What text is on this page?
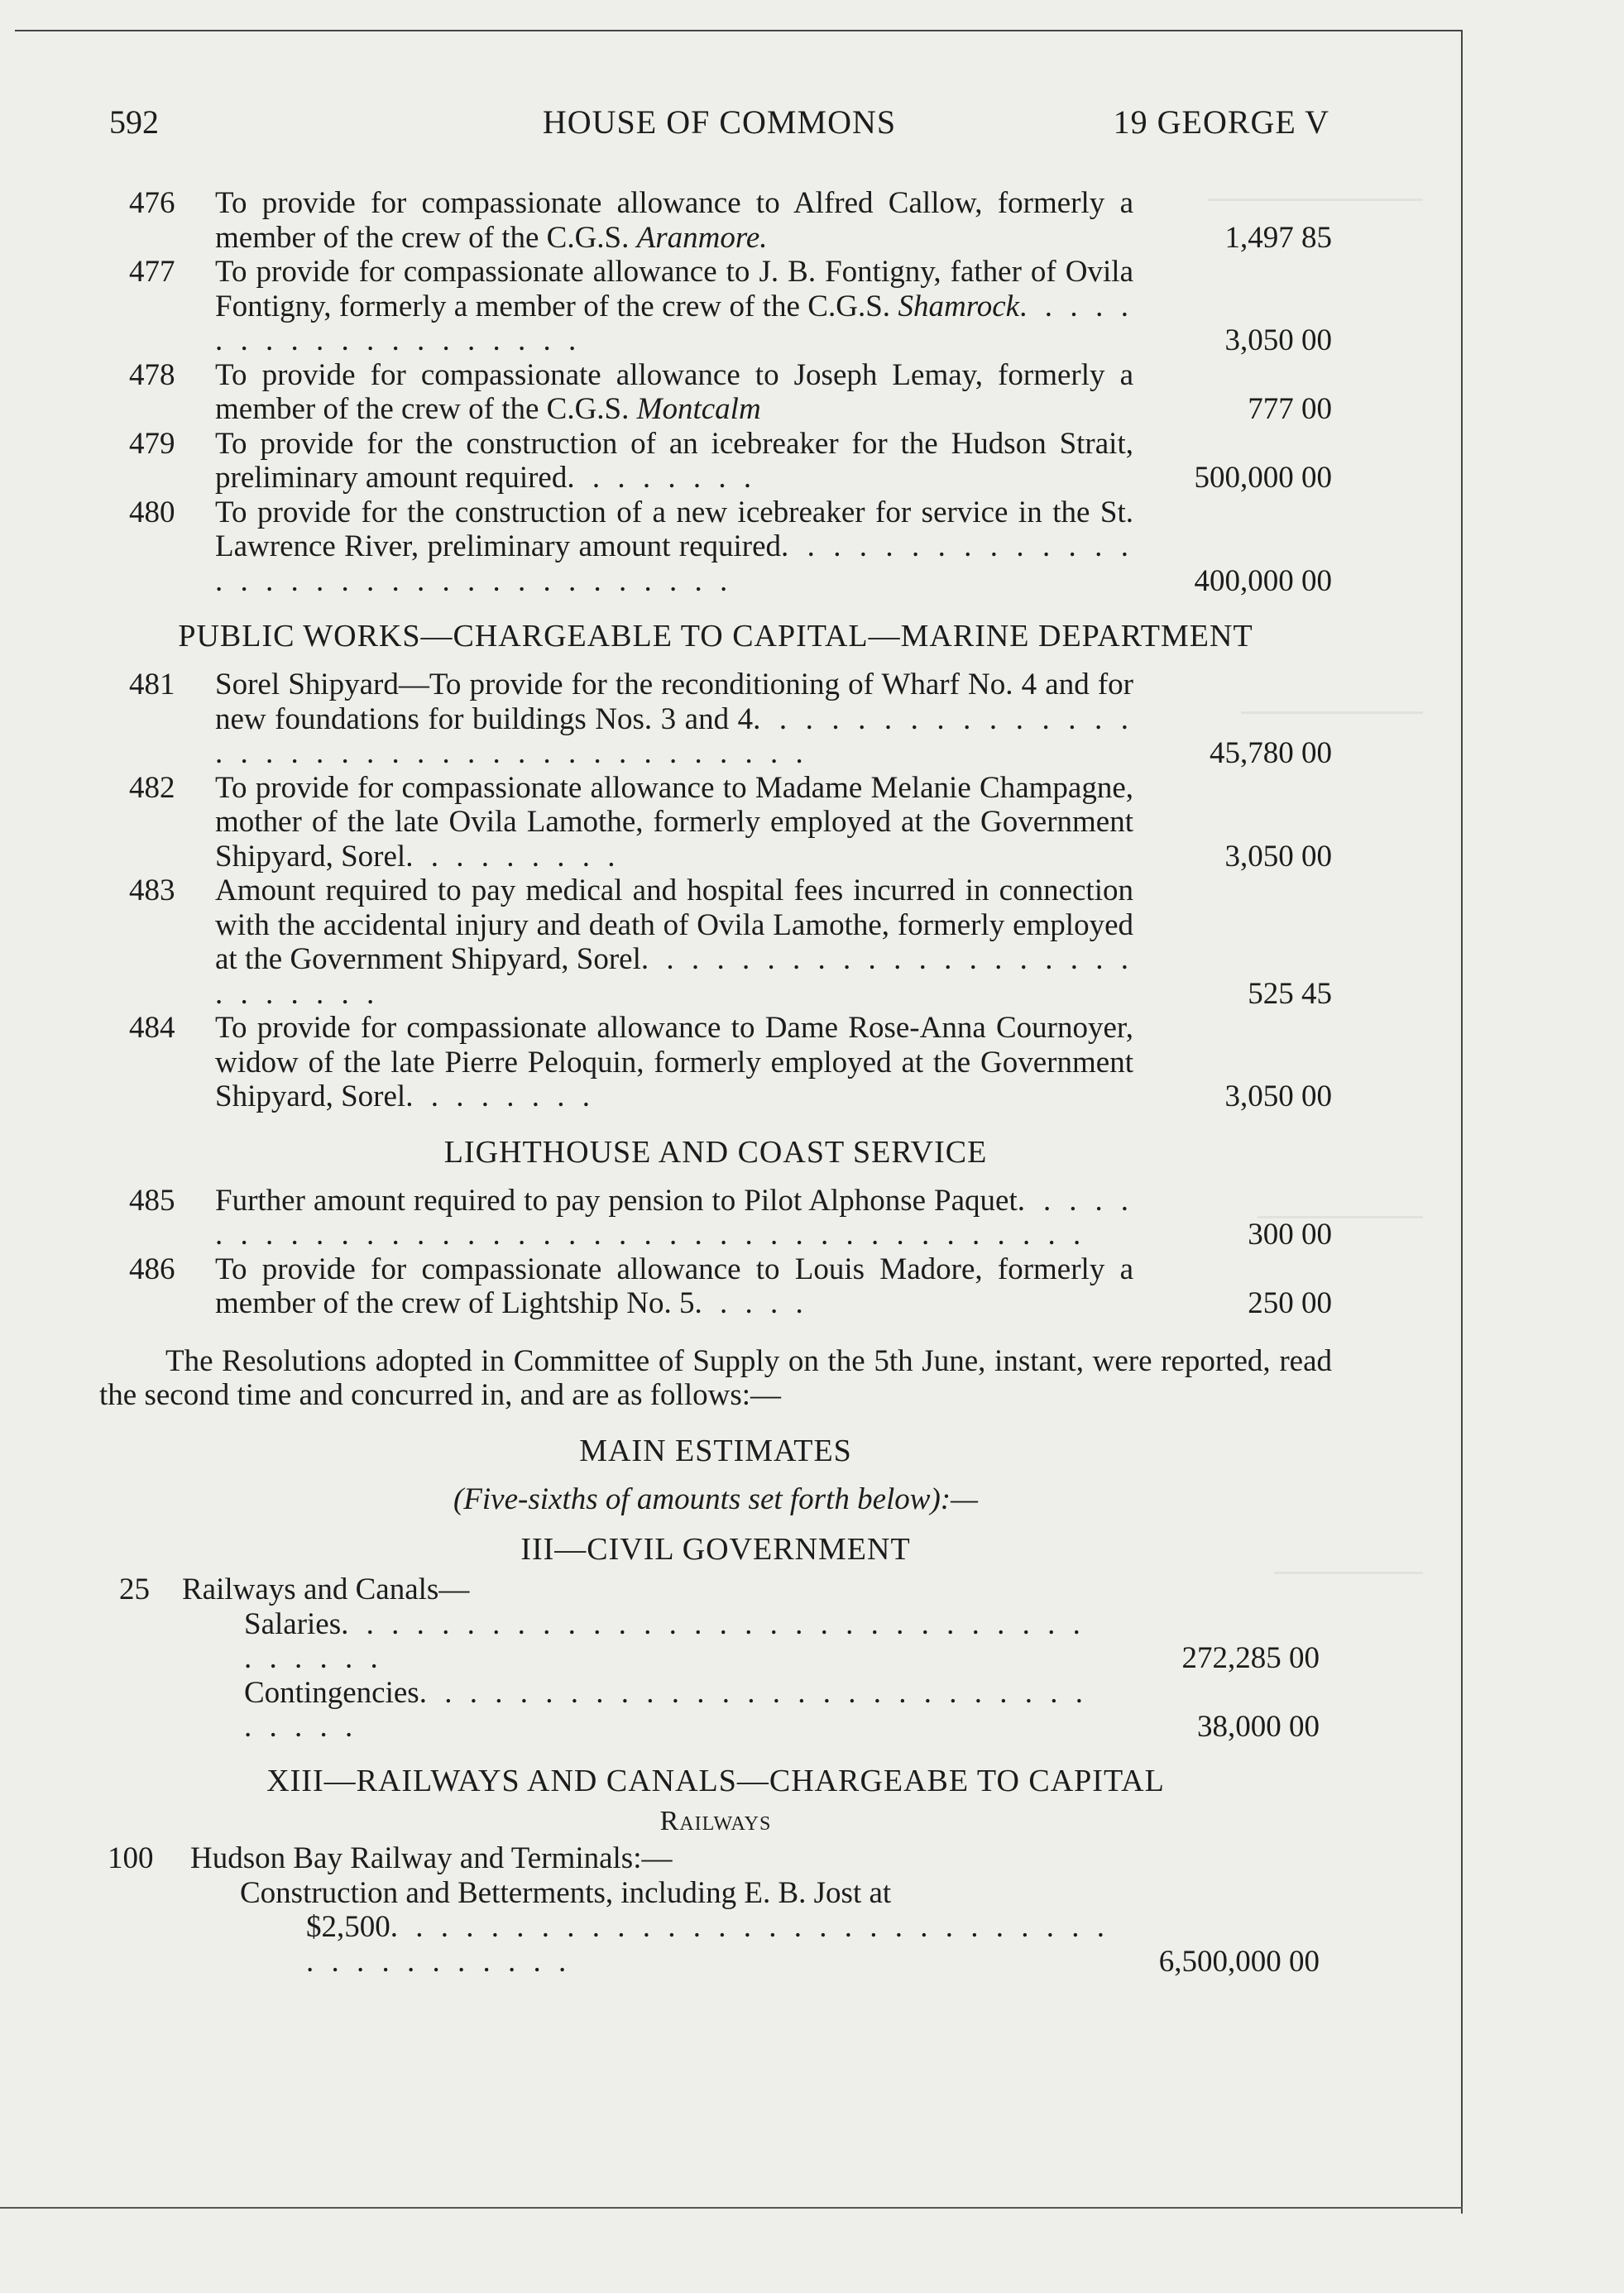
592	HOUSE OF COMMONS	19 GEORGE V
476 To provide for compassionate allowance to Alfred Callow, formerly a member of the crew of the C.G.S. Aranmore.	1,497 85
477 To provide for compassionate allowance to J. B. Fontigny, father of Ovila Fontigny, formerly a member of the crew of the C.G.S. Shamrock. . . . . . . . . . . . . . . . . . . .	3,050 00
478 To provide for compassionate allowance to Joseph Lemay, formerly a member of the crew of the C.G.S. Montcalm	777 00
479 To provide for the construction of an icebreaker for the Hudson Strait, preliminary amount required. . . . . . . .	500,000 00
480 To provide for the construction of a new icebreaker for service in the St. Lawrence River, preliminary amount required. . . . . . . . . . . . . . . . . . . . . . . . . . . . . . . . . . .	400,000 00
PUBLIC WORKS—CHARGEABLE TO CAPITAL—MARINE DEPARTMENT
481 Sorel Shipyard—To provide for the reconditioning of Wharf No. 4 and for new foundations for buildings Nos. 3 and 4. . . . . . . . . . . . . . . . . . . . . . . . . . . . . . . . . . . . . . .	45,780 00
482 To provide for compassionate allowance to Madame Melanie Champagne, mother of the late Ovila Lamothe, formerly employed at the Government Shipyard, Sorel. . . . . . . . .	3,050 00
483 Amount required to pay medical and hospital fees incurred in connection with the accidental injury and death of Ovila Lamothe, formerly employed at the Government Shipyard, Sorel. . . . . . . . . . . . . . . . . . . . . . . . . . .	525 45
484 To provide for compassionate allowance to Dame Rose-Anna Cournoyer, widow of the late Pierre Peloquin, formerly employed at the Government Shipyard, Sorel. . . . . . . .	3,050 00
LIGHTHOUSE AND COAST SERVICE
485 Further amount required to pay pension to Pilot Alphonse Paquet. . . . . . . . . . . . . . . . . . . . . . . . . . . . . . . . . . . . . . . .	300 00
486 To provide for compassionate allowance to Louis Madore, formerly a member of the crew of Lightship No. 5. . . . .	250 00

The Resolutions adopted in Committee of Supply on the 5th June, instant, were reported, read the second time and concurred in, and are as follows:—

MAIN ESTIMATES
(Five-sixths of amounts set forth below):—
III—CIVIL GOVERNMENT
25 Railways and Canals—
Salaries. . . . . . . . . . . . . . . . . . . . . . . . . . . . . . . . . . . .	272,285 00
Contingencies. . . . . . . . . . . . . . . . . . . . . . . . . . . . . . . .	38,000 00
XIII—RAILWAYS AND CANALS—CHARGEABE TO CAPITAL
Railways
100 Hudson Bay Railway and Terminals:—
Construction and Betterments, including E. B. Jost at
$2,500. . . . . . . . . . . . . . . . . . . . . . . . . . . . . . . . . . . . . . . .	6,500,000 00
